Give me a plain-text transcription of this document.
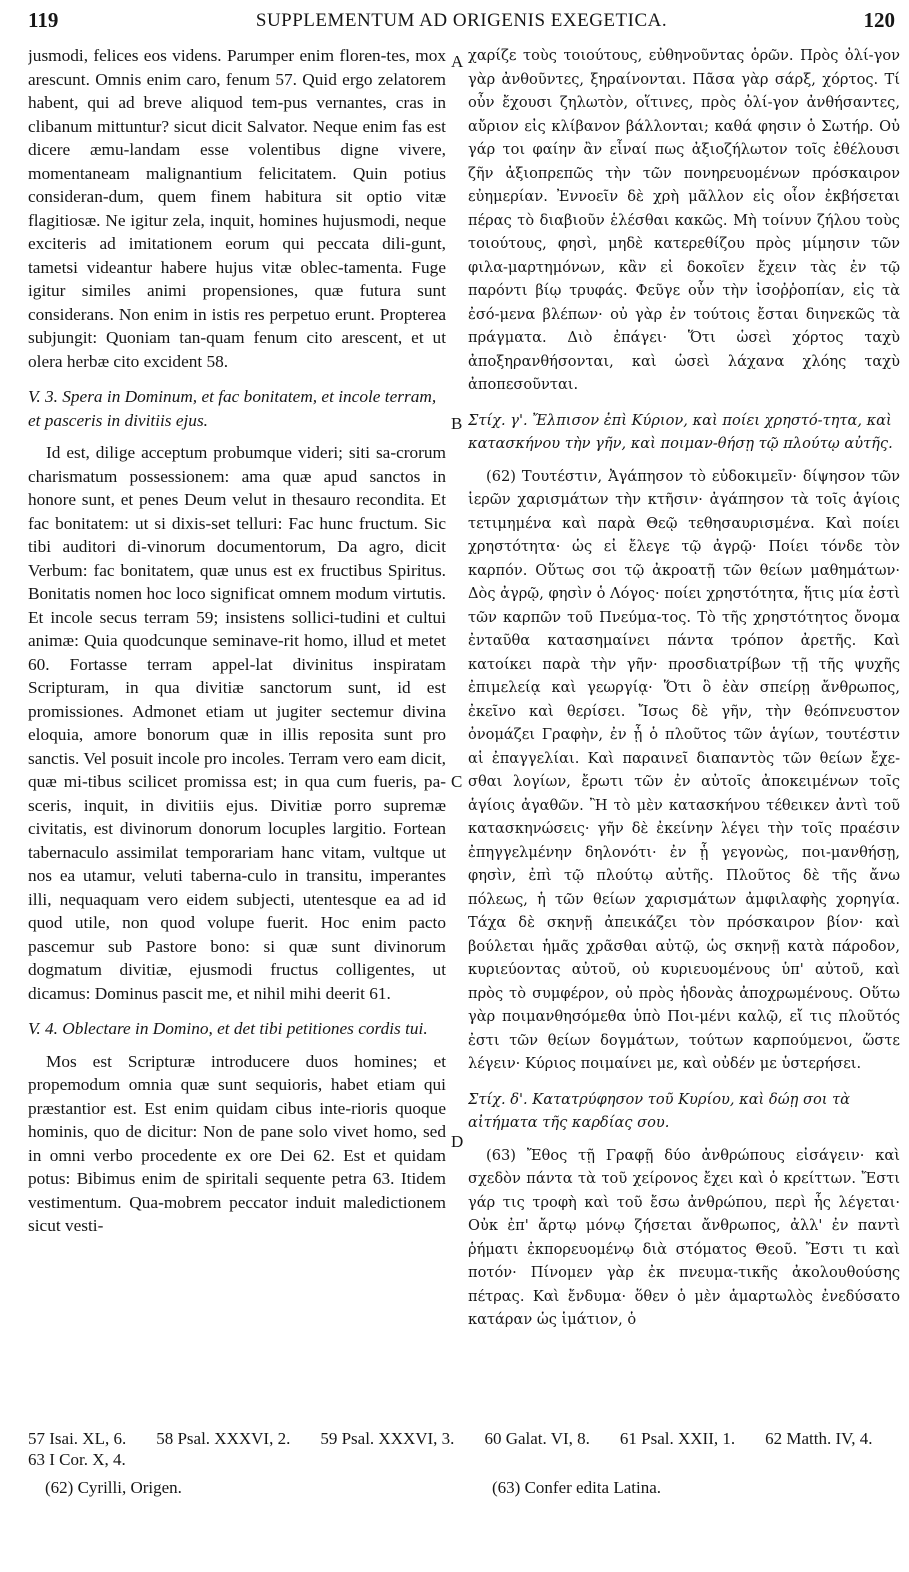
119	SUPPLEMENTUM AD ORIGENIS EXEGETICA.	120

jusmodi, felices eos videns. Parumper enim floren-tes, mox arescunt. Omnis enim caro, fenum 57. Quid ergo zelatorem habent, qui ad breve aliquod tem-pus vernantes, cras in clibanum mittuntur? sicut dicit Salvator. Neque enim fas est dicere æmu-landam esse volentibus digne vivere, momentaneam malignantium felicitatem. Quin potius consideran-dum, quem finem habitura sit optio vitæ flagitiosæ. Ne igitur zela, inquit, homines hujusmodi, neque exciteris ad imitationem eorum qui peccata dili-gunt, tametsi videantur habere hujus vitæ oblec-tamenta. Fuge igitur similes animi propensiones, quæ futura sunt considerans. Non enim in istis res perpetuo erunt. Propterea subjungit: Quoniam tan-quam fenum cito arescent, et ut olera herbæ cito excident 58.

V. 3. Spera in Dominum, et fac bonitatem, et incole terram, et pasceris in divitiis ejus.

Id est, dilige acceptum probumque videri; siti sa-crorum charismatum possessionem: ama quæ apud sanctos in honore sunt, et penes Deum velut in thesauro recondita. Et fac bonitatem: ut si dixis-set telluri: Fac hunc fructum. Sic tibi auditori di-vinorum documentorum, Da agro, dicit Verbum: fac bonitatem, quæ unus est ex fructibus Spiritus. Bonitatis nomen hoc loco significat omnem modum virtutis. Et incole secus terram 59; insistens sollici-tudini et cultui animæ: Quia quodcunque seminave-rit homo, illud et metet 60. Fortasse terram appel-lat divinitus inspiratam Scripturam, in qua divitiæ sanctorum sunt, id est promissiones. Admonet etiam ut jugiter sectemur divina eloquia, amore bonorum quæ in illis reposita sunt pro sanctis. Vel posuit incole pro incoles. Terram vero eam dicit, quæ mi-tibus scilicet promissa est; in qua cum fueris, pa-sceris, inquit, in divitiis ejus. Divitiæ porro supremæ civitatis, est divinorum donorum locuples largitio. Fortean tabernaculo assimilat temporariam hanc vitam, vultque ut nos ea utamur, veluti taberna-culo in transitu, imperantes illi, nequaquam vero eidem subjecti, utentesque ea ad id quod utile, non quod volupe fuerit. Hoc enim pacto pascemur sub Pastore bono: si quæ sunt divinorum dogmatum divitiæ, ejusmodi fructus colligentes, ut dicamus: Dominus pascit me, et nihil mihi deerit 61.

V. 4. Oblectare in Domino, et det tibi petitiones cordis tui.

Mos est Scripturæ introducere duos homines; et propemodum omnia quæ sunt sequioris, habet etiam qui præstantior est. Est enim quidam cibus inte-rioris quoque hominis, quo de dicitur: Non de pane solo vivet homo, sed in omni verbo procedente ex ore Dei 62. Est et quidam potus: Bibimus enim de spiritali sequente petra 63. Itidem vestimentum. Qua-mobrem peccator induit maledictionem sicut vesti-

A
B
C
D

χαρίζε τοὺς τοιούτους, εὐθηνοῦντας ὁρῶν. Πρὸς ὀλί-γον γὰρ ἀνθοῦντες, ξηραίνονται. Πᾶσα γὰρ σάρξ, χόρτος. Τί οὖν ἔχουσι ζηλωτὸν, οἵτινες, πρὸς ὀλί-γον ἀνθήσαντες, αὔριον εἰς κλίβανον βάλλονται; καθά φησιν ὁ Σωτήρ. Οὐ γάρ τοι φαίην ἂν εἶναί πως ἀξιοζήλωτον τοῖς ἐθέλουσι ζῆν ἀξιοπρεπῶς τὴν τῶν πονηρευομένων πρόσκαιρον εὐημερίαν. Ἐννοεῖν δὲ χρὴ μᾶλλον εἰς οἷον ἐκβήσεται πέρας τὸ διαβιοῦν ἑλέσθαι κακῶς. Μὴ τοίνυν ζήλου τοὺς τοιούτους, φησὶ, μηδὲ κατερεθίζου πρὸς μίμησιν τῶν φιλα-μαρτημόνων, κἂν εἰ δοκοῖεν ἔχειν τὰς ἐν τῷ παρόντι βίῳ τρυφάς. Φεῦγε οὖν τὴν ἰσοῤῥοπίαν, εἰς τὰ ἐσό-μενα βλέπων· οὐ γὰρ ἐν τούτοις ἔσται διηνεκῶς τὰ πράγματα. Διὸ ἐπάγει· Ὅτι ὡσεὶ χόρτος ταχὺ ἀποξηρανθήσονται, καὶ ὡσεὶ λάχανα χλόης ταχὺ ἀποπεσοῦνται.

Στίχ. γ'. Ἔλπισον ἐπὶ Κύριον, καὶ ποίει χρηστό-τητα, καὶ κατασκήνου τὴν γῆν, καὶ ποιμαν-θήσῃ τῷ πλούτῳ αὐτῆς.

(62) Τουτέστιν, Ἀγάπησον τὸ εὐδοκιμεῖν· δίψησον τῶν ἱερῶν χαρισμάτων τὴν κτῆσιν· ἀγάπησον τὰ τοῖς ἁγίοις τετιμημένα καὶ παρὰ Θεῷ τεθησαυρισμένα. Καὶ ποίει χρηστότητα· ὡς εἰ ἔλεγε τῷ ἀγρῷ· Ποίει τόνδε τὸν καρπόν. Οὕτως σοι τῷ ἀκροατῇ τῶν θείων μαθημάτων· Δὸς ἀγρῷ, φησὶν ὁ Λόγος· ποίει χρηστότητα, ἥτις μία ἐστὶ τῶν καρπῶν τοῦ Πνεύμα-τος. Τὸ τῆς χρηστότητος ὄνομα ἐνταῦθα κατασημαίνει πάντα τρόπον ἀρετῆς. Καὶ κατοίκει παρὰ τὴν γῆν· προσδιατρίβων τῇ τῆς ψυχῆς ἐπιμελείᾳ καὶ γεωργίᾳ· Ὅτι ὃ ἐὰν σπείρῃ ἄνθρωπος, ἐκεῖνο καὶ θερίσει. Ἴσως δὲ γῆν, τὴν θεόπνευστον ὀνομάζει Γραφὴν, ἐν ᾗ ὁ πλοῦτος τῶν ἁγίων, τουτέστιν αἱ ἐπαγγελίαι. Καὶ παραινεῖ διαπαντὸς τῶν θείων ἔχε-σθαι λογίων, ἔρωτι τῶν ἐν αὐτοῖς ἀποκειμένων τοῖς ἁγίοις ἀγαθῶν. Ἢ τὸ μὲν κατασκήνου τέθεικεν ἀντὶ τοῦ κατασκηνώσεις· γῆν δὲ ἐκείνην λέγει τὴν τοῖς πραέσιν ἐπηγγελμένην δηλονότι· ἐν ᾗ γεγονὼς, ποι-μανθήσῃ, φησὶν, ἐπὶ τῷ πλούτῳ αὐτῆς. Πλοῦτος δὲ τῆς ἄνω πόλεως, ἡ τῶν θείων χαρισμάτων ἀμφιλαφὴς χορηγία. Τάχα δὲ σκηνῇ ἀπεικάζει τὸν πρόσκαιρον βίον· καὶ βούλεται ἡμᾶς χρᾶσθαι αὐτῷ, ὡς σκηνῇ κατὰ πάροδον, κυριεύοντας αὐτοῦ, οὐ κυριευομένους ὑπ' αὐτοῦ, καὶ πρὸς τὸ συμφέρον, οὐ πρὸς ἡδονὰς ἀποχρωμένους. Οὕτω γὰρ ποιμανθησόμεθα ὑπὸ Ποι-μένι καλῷ, εἴ τις πλοῦτός ἐστι τῶν θείων δογμάτων, τούτων καρπούμενοι, ὥστε λέγειν· Κύριος ποιμαίνει με, καὶ οὐδέν με ὑστερήσει.

Στίχ. δ'. Κατατρύφησον τοῦ Κυρίου, καὶ δώῃ σοι τὰ αἰτήματα τῆς καρδίας σου.

(63) Ἔθος τῇ Γραφῇ δύο ἀνθρώπους εἰσάγειν· καὶ σχεδὸν πάντα τὰ τοῦ χείρονος ἔχει καὶ ὁ κρείττων. Ἔστι γάρ τις τροφὴ καὶ τοῦ ἔσω ἀνθρώπου, περὶ ἧς λέγεται· Οὐκ ἐπ' ἄρτῳ μόνῳ ζήσεται ἄνθρωπος, ἀλλ' ἐν παντὶ ῥήματι ἐκπορευομένῳ διὰ στόματος Θεοῦ. Ἔστι τι καὶ ποτόν· Πίνομεν γὰρ ἐκ πνευμα-τικῆς ἀκολουθούσης πέτρας. Καὶ ἔνδυμα· ὅθεν ὁ μὲν ἁμαρτωλὸς ἐνεδύσατο κατάραν ὡς ἱμάτιον, ὁ

57 Isai. XL, 6. 58 Psal. XXXVI, 2. 59 Psal. XXXVI, 3. 60 Galat. VI, 8. 61 Psal. XXII, 1. 62 Matth. IV, 4.
63 I Cor. X, 4.
(62) Cyrilli, Origen.	(63) Confer edita Latina.
